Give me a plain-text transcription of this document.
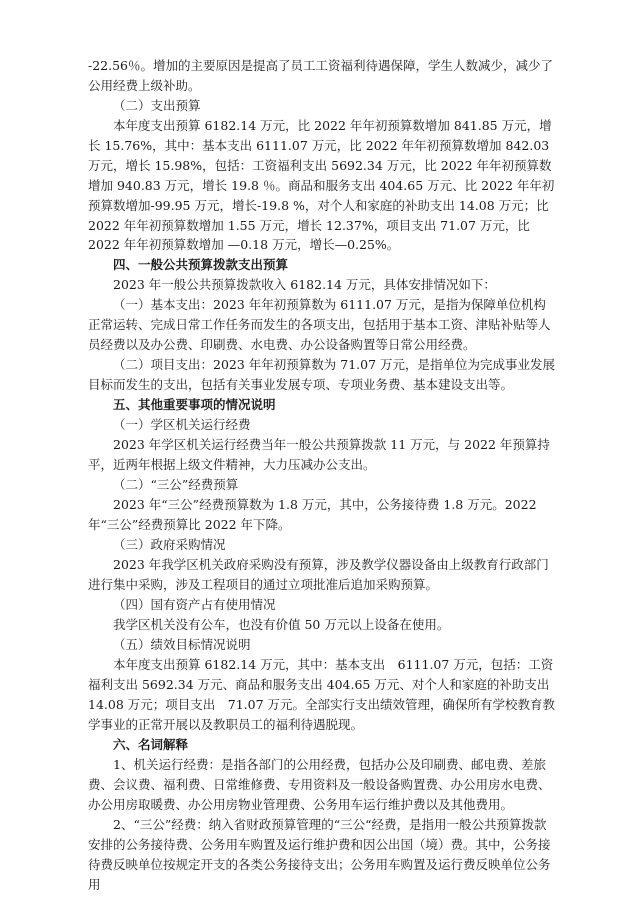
-22.56％。增加的主要原因是提高了员工工资福利待遇保障，学生人数减少，减少了公用经费上级补助。

（二）支出预算

本年度支出预算 6182.14 万元，比 2022 年年初预算数增加 841.85 万元，增长 15.76%，其中：基本支出 6111.07 万元，比 2022 年年初预算数增加 842.03 万元，增长 15.98%，包括：工资福利支出 5692.34 万元，比 2022 年年初预算数增加 940.83 万元，增长 19.8 ％。商品和服务支出 404.65 万元、比 2022 年年初预算数增加-99.95 万元，增长-19.8 %，对个人和家庭的补助支出 14.08 万元；比 2022 年年初预算数增加 1.55 万元，增长 12.37%，项目支出 71.07 万元，比 2022 年年初预算数增加 —0.18 万元，增长—0.25%。

四、一般公共预算拨款支出预算

2023 年一般公共预算拨款收入 6182.14 万元，具体安排情况如下：

（一）基本支出：2023 年年初预算数为 6111.07 万元，是指为保障单位机构正常运转、完成日常工作任务而发生的各项支出，包括用于基本工资、津贴补贴等人员经费以及办公费、印刷费、水电费、办公设备购置等日常公用经费。

（二）项目支出：2023 年年初预算数为 71.07 万元，是指单位为完成事业发展目标而发生的支出，包括有关事业发展专项、专项业务费、基本建设支出等。

五、其他重要事项的情况说明

（一）学区机关运行经费

2023 年学区机关运行经费当年一般公共预算拨款 11 万元，与 2022 年预算持平，近两年根据上级文件精神，大力压减办公支出。

（二）“三公”经费预算

2023 年“三公”经费预算数为 1.8 万元，其中，公务接待费 1.8 万元。2022 年“三公”经费预算比 2022 年下降。

（三）政府采购情况

2023 年我学区机关政府采购没有预算，涉及教学仪器设备由上级教育行政部门进行集中采购，涉及工程项目的通过立项批准后追加采购预算。

（四）国有资产占有使用情况

我学区机关没有公车，也没有价值 50 万元以上设备在使用。

（五）绩效目标情况说明

本年度支出预算 6182.14 万元，其中：基本支出　6111.07 万元，包括：工资福利支出 5692.34 万元、商品和服务支出 404.65 万元、对个人和家庭的补助支出 14.08 万元；项目支出　71.07 万元。全部实行支出绩效管理，确保所有学校教育教学事业的正常开展以及教职员工的福利待遇脱现。

六、名词解释

1、机关运行经费：是指各部门的公用经费，包括办公及印刷费、邮电费、差旅费、会议费、福利费、日常维修费、专用资料及一般设备购置费、办公用房水电费、办公用房取暖费、办公用房物业管理费、公务用车运行维护费以及其他费用。

2、“三公”经费：纳入省财政预算管理的“三公“经费，是指用一般公共预算拨款安排的公务接待费、公务用车购置及运行维护费和因公出国（境）费。其中，公务接待费反映单位按规定开支的各类公务接待支出；公务用车购置及运行费反映单位公务用
